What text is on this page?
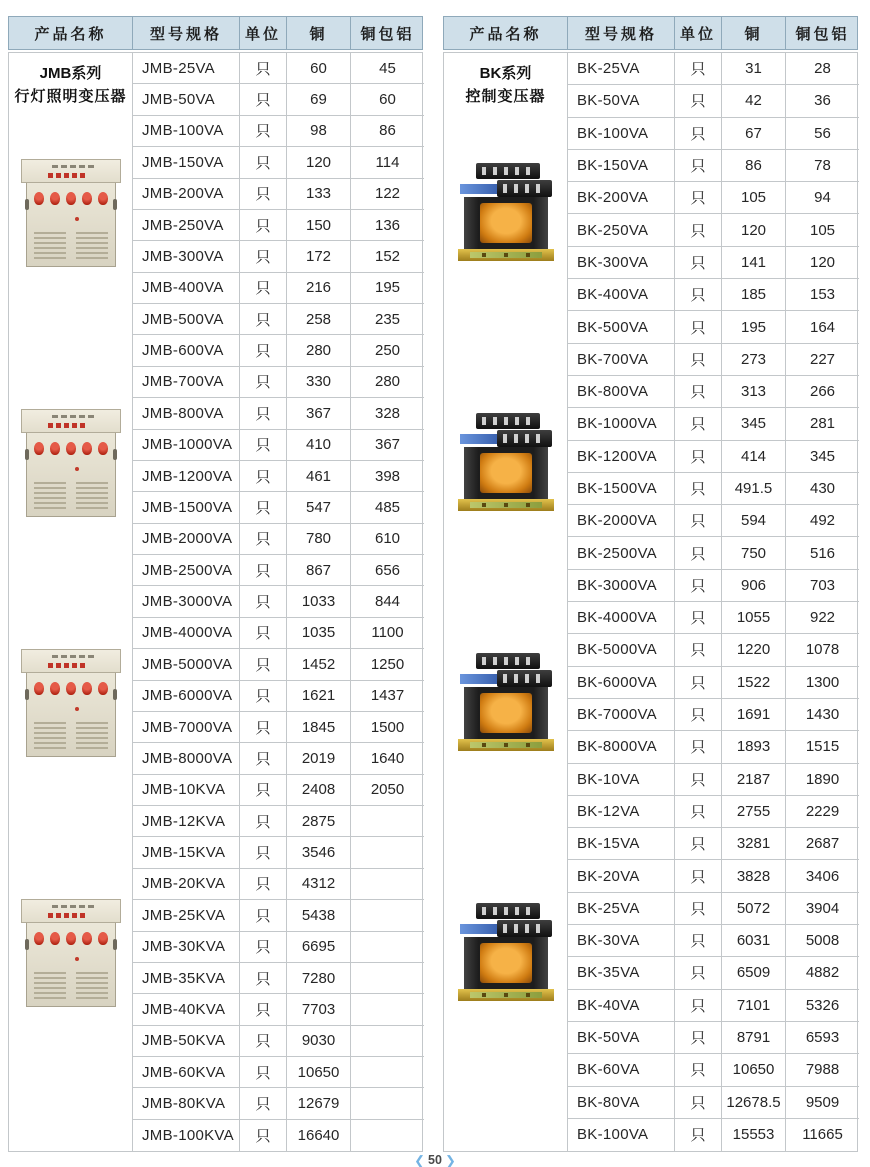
产品名称	型号规格	单位	铜	铜包铝
JMB系列
行灯照明变压器
JMB-25VA	只	60	45
JMB-50VA	只	69	60
JMB-100VA	只	98	86
JMB-150VA	只	120	114
JMB-200VA	只	133	122
JMB-250VA	只	150	136
JMB-300VA	只	172	152
JMB-400VA	只	216	195
JMB-500VA	只	258	235
JMB-600VA	只	280	250
JMB-700VA	只	330	280
JMB-800VA	只	367	328
JMB-1000VA	只	410	367
JMB-1200VA	只	461	398
JMB-1500VA	只	547	485
JMB-2000VA	只	780	610
JMB-2500VA	只	867	656
JMB-3000VA	只	1033	844
JMB-4000VA	只	1035	1100
JMB-5000VA	只	1452	1250
JMB-6000VA	只	1621	1437
JMB-7000VA	只	1845	1500
JMB-8000VA	只	2019	1640
JMB-10KVA	只	2408	2050
JMB-12KVA	只	2875
JMB-15KVA	只	3546
JMB-20KVA	只	4312
JMB-25KVA	只	5438
JMB-30KVA	只	6695
JMB-35KVA	只	7280
JMB-40KVA	只	7703
JMB-50KVA	只	9030
JMB-60KVA	只	10650
JMB-80KVA	只	12679
JMB-100KVA	只	16640
产品名称	型号规格	单位	铜	铜包铝
BK系列
控制变压器
BK-25VA	只	31	28
BK-50VA	只	42	36
BK-100VA	只	67	56
BK-150VA	只	86	78
BK-200VA	只	105	94
BK-250VA	只	120	105
BK-300VA	只	141	120
BK-400VA	只	185	153
BK-500VA	只	195	164
BK-700VA	只	273	227
BK-800VA	只	313	266
BK-1000VA	只	345	281
BK-1200VA	只	414	345
BK-1500VA	只	491.5	430
BK-2000VA	只	594	492
BK-2500VA	只	750	516
BK-3000VA	只	906	703
BK-4000VA	只	1055	922
BK-5000VA	只	1220	1078
BK-6000VA	只	1522	1300
BK-7000VA	只	1691	1430
BK-8000VA	只	1893	1515
BK-10VA	只	2187	1890
BK-12VA	只	2755	2229
BK-15VA	只	3281	2687
BK-20VA	只	3828	3406
BK-25VA	只	5072	3904
BK-30VA	只	6031	5008
BK-35VA	只	6509	4882
BK-40VA	只	7101	5326
BK-50VA	只	8791	6593
BK-60VA	只	10650	7988
BK-80VA	只	12678.5	9509
BK-100VA	只	15553	11665
❮ 50 ❯
